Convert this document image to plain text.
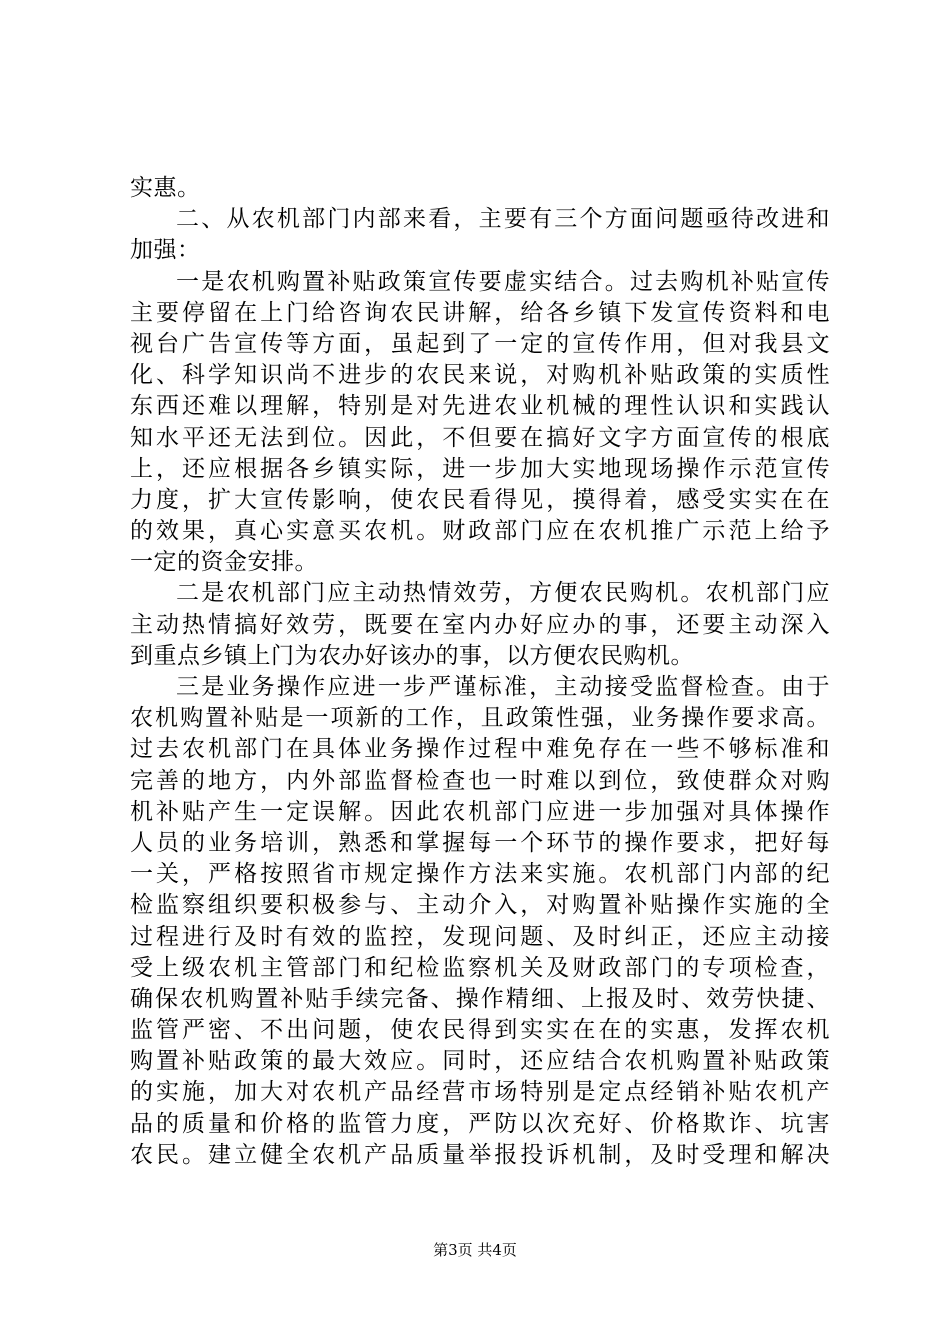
实惠。
二、从农机部门内部来看，主要有三个方面问题亟待改进和
加强：
一是农机购置补贴政策宣传要虚实结合。过去购机补贴宣传
主要停留在上门给咨询农民讲解，给各乡镇下发宣传资料和电
视台广告宣传等方面，虽起到了一定的宣传作用，但对我县文
化、科学知识尚不进步的农民来说，对购机补贴政策的实质性
东西还难以理解，特别是对先进农业机械的理性认识和实践认
知水平还无法到位。因此，不但要在搞好文字方面宣传的根底
上，还应根据各乡镇实际，进一步加大实地现场操作示范宣传
力度，扩大宣传影响，使农民看得见，摸得着，感受实实在在
的效果，真心实意买农机。财政部门应在农机推广示范上给予
一定的资金安排。
二是农机部门应主动热情效劳，方便农民购机。农机部门应
主动热情搞好效劳，既要在室内办好应办的事，还要主动深入
到重点乡镇上门为农办好该办的事，以方便农民购机。
三是业务操作应进一步严谨标准，主动接受监督检查。由于
农机购置补贴是一项新的工作，且政策性强，业务操作要求高。
过去农机部门在具体业务操作过程中难免存在一些不够标准和
完善的地方，内外部监督检查也一时难以到位，致使群众对购
机补贴产生一定误解。因此农机部门应进一步加强对具体操作
人员的业务培训，熟悉和掌握每一个环节的操作要求，把好每
一关，严格按照省市规定操作方法来实施。农机部门内部的纪
检监察组织要积极参与、主动介入，对购置补贴操作实施的全
过程进行及时有效的监控，发现问题、及时纠正，还应主动接
受上级农机主管部门和纪检监察机关及财政部门的专项检查，
确保农机购置补贴手续完备、操作精细、上报及时、效劳快捷、
监管严密、不出问题，使农民得到实实在在的实惠，发挥农机
购置补贴政策的最大效应。同时，还应结合农机购置补贴政策
的实施，加大对农机产品经营市场特别是定点经销补贴农机产
品的质量和价格的监管力度，严防以次充好、价格欺诈、坑害
农民。建立健全农机产品质量举报投诉机制，及时受理和解决
第3页 共4页
